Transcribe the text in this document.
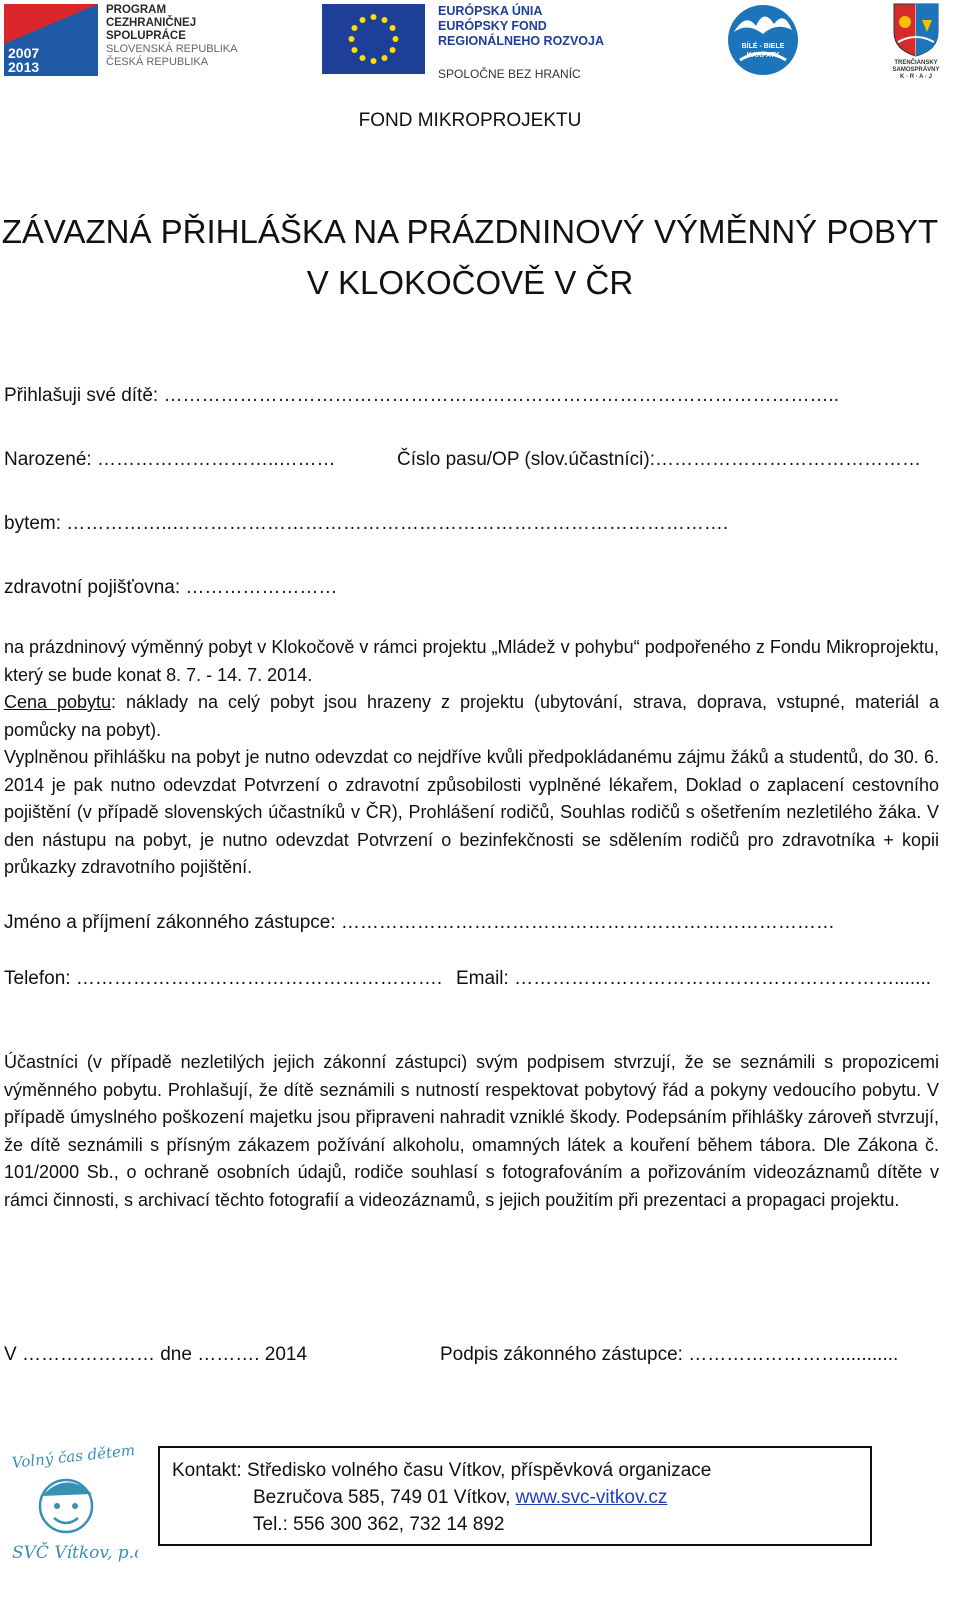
2007
2013
PROGRAM
CEZHRANIČNEJ
SPOLUPRÁCE
SLOVENSKÁ REPUBLIKA
ČESKÁ REPUBLIKA
EURÓPSKA ÚNIA
EURÓPSKY FOND
REGIONÁLNEHO ROZVOJA
SPOLOČNE BEZ HRANÍC
BÍLÉ - BIELE
KARPATY
TRENČIANSKY
SAMOSPRÁVNY
K · R · A · J
FOND MIKROPROJEKTU
ZÁVAZNÁ PŘIHLÁŠKA NA PRÁZDNINOVÝ VÝMĚNNÝ POBYT
V KLOKOČOVĚ V ČR
Přihlašuji své dítě: ……………………………………………………………………………………………..
Narozené: ………………………..………	Číslo pasu/OP (slov.účastníci):……………………………………
bytem: ……………..…………………………………………………………………………….
zdravotní pojišťovna: ……………………

na prázdninový výměnný pobyt v Klokočově v rámci projektu „Mládež v pohybu“ podpořeného z Fondu Mikroprojektu, který se bude konat 8. 7. - 14. 7. 2014.

Cena pobytu: náklady na celý pobyt jsou hrazeny z projektu (ubytování, strava, doprava, vstupné, materiál a pomůcky na pobyt).

Vyplněnou přihlášku na pobyt je nutno odevzdat co nejdříve kvůli předpokládanému zájmu žáků a studentů, do 30. 6. 2014 je pak nutno odevzdat Potvrzení o zdravotní způsobilosti vyplněné lékařem, Doklad o zaplacení cestovního pojištění (v případě slovenských účastníků v ČR), Prohlášení rodičů, Souhlas rodičů s ošetřením nezletilého žáka. V den nástupu na pobyt, je nutno odevzdat Potvrzení o bezinfekčnosti se sdělením rodičů pro zdravotníka + kopii průkazky zdravotního pojištění.

Jméno a příjmení zákonného zástupce: ……………………………………………………………………
Telefon: …………………………………………………. Email: …………………………………………………….......
Účastníci (v případě nezletilých jejich zákonní zástupci) svým podpisem stvrzují, že se seznámili s propozicemi výměnného pobytu. Prohlašují, že dítě seznámili s nutností respektovat pobytový řád a pokyny vedoucího pobytu. V případě úmyslného poškození majetku jsou připraveni nahradit vzniklé škody. Podepsáním přihlášky zároveň stvrzují, že dítě seznámili s přísným zákazem požívání alkoholu, omamných látek a kouření během tábora. Dle Zákona č. 101/2000 Sb., o ochraně osobních údajů, rodiče souhlasí s fotografováním a pořizováním videozáznamů dítěte v rámci činnosti, s archivací těchto fotografií a videozáznamů, s jejich použitím při prezentaci a propagaci projektu.
V ………………… dne ………. 2014	Podpis zákonného zástupce: ……………………...........
Volný čas dětem
SVČ Vítkov, p.o.
Kontakt: Středisko volného času Vítkov, příspěvková organizace
Bezručova 585, 749 01 Vítkov, www.svc-vitkov.cz
Tel.: 556 300 362, 732 14 892
